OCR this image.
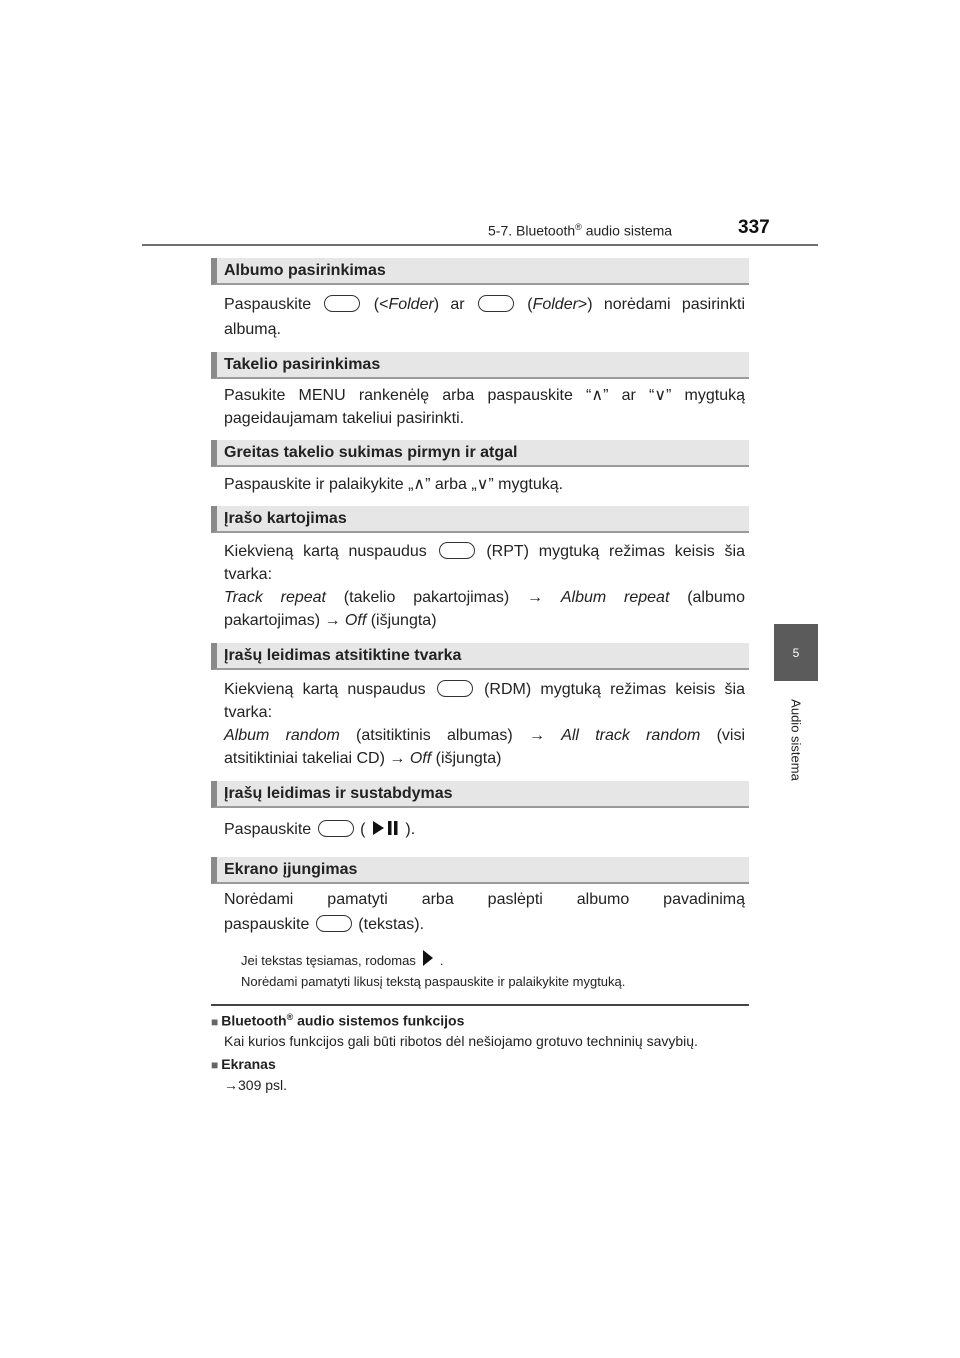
5-7. Bluetooth® audio sistema	337
5
Audio sistema
Albumo pasirinkimas
Paspauskite	(<Folder) ar	(Folder>) norėdami pasirinkti
albumą.
Takelio pasirinkimas
Pasukite MENU rankenėlę arba paspauskite “∧” ar “∨” mygtuką pageidaujamam takeliui pasirinkti.
Greitas takelio sukimas pirmyn ir atgal
Paspauskite ir palaikykite „∧” arba „∨” mygtuką.
Įrašo kartojimas
Kiekvieną kartą nuspaudus	(RPT) mygtuką režimas keisis šia
tvarka:
Track repeat (takelio pakartojimas) → Album repeat (albumo
pakartojimas) → Off (išjungta)
Įrašų leidimas atsitiktine tvarka
Kiekvieną kartą nuspaudus	(RDM) mygtuką režimas keisis šia
tvarka:
Album random (atsitiktinis albumas) → All track random (visi
atsitiktiniai takeliai CD) → Off (išjungta)
Įrašų leidimas ir sustabdymas
Paspauskite	(	).
Ekrano įjungimas
Norėdami pamatyti arba paslėpti albumo pavadinimą
paspauskite	(tekstas).
Jei tekstas tęsiamas, rodomas .
Norėdami pamatyti likusį tekstą paspauskite ir palaikykite mygtuką.
■ Bluetooth® audio sistemos funkcijos
Kai kurios funkcijos gali būti ribotos dėl nešiojamo grotuvo techninių savybių.
■ Ekranas
→309 psl.
